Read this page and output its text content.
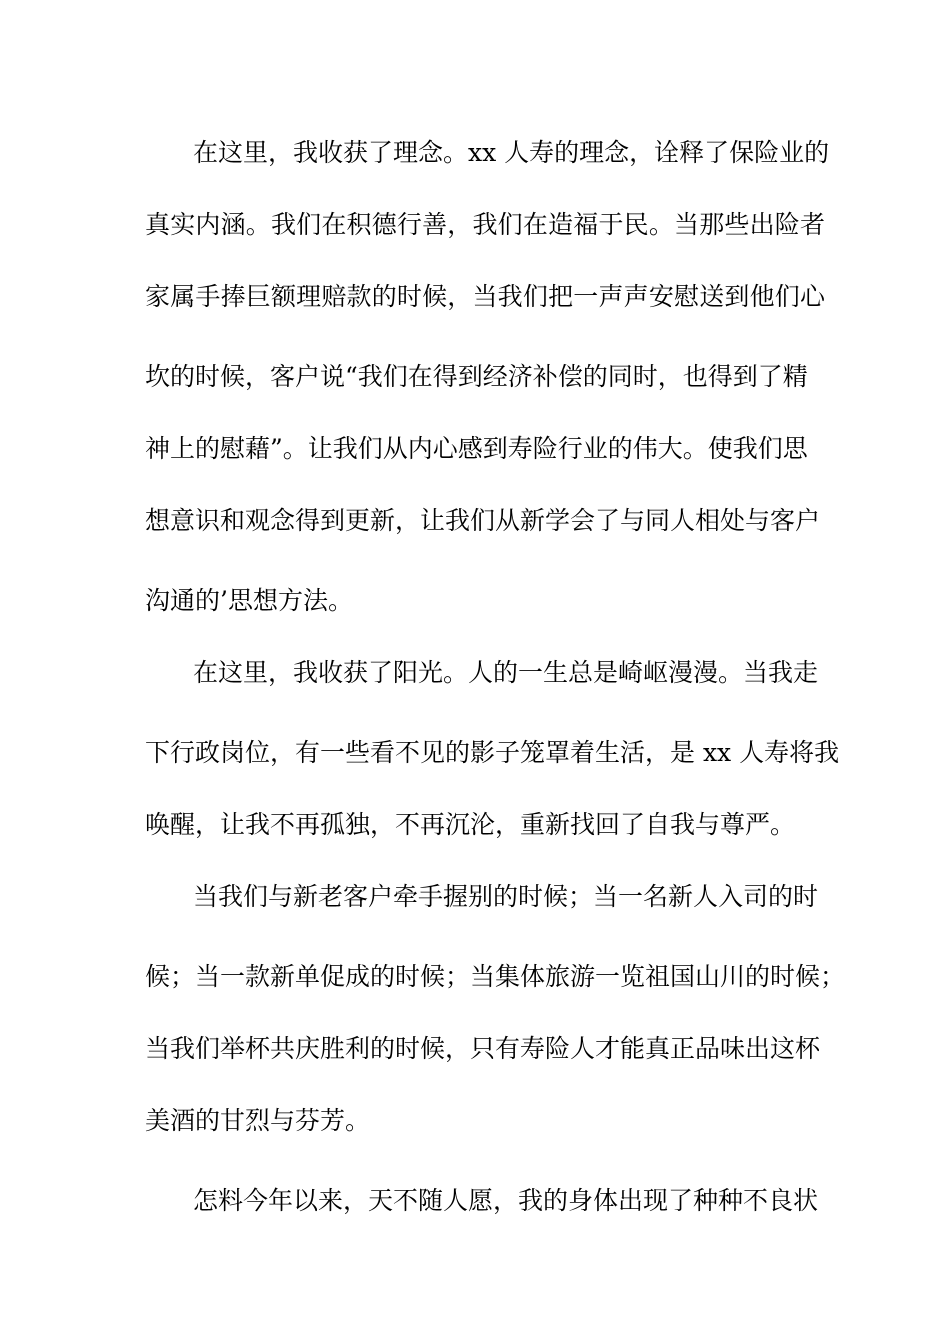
在这里，我收获了理念。xx 人寿的理念，诠释了保险业的
真实内涵。我们在积德行善，我们在造福于民。当那些出险者
家属手捧巨额理赔款的时候，当我们把一声声安慰送到他们心
坎的时候，客户说“我们在得到经济补偿的同时，也得到了精
神上的慰藉”。让我们从内心感到寿险行业的伟大。使我们思
想意识和观念得到更新，让我们从新学会了与同人相处与客户
沟通的’思想方法。
在这里，我收获了阳光。人的一生总是崎岖漫漫。当我走
下行政岗位，有一些看不见的影子笼罩着生活，是 xx 人寿将我
唤醒，让我不再孤独，不再沉沦，重新找回了自我与尊严。
当我们与新老客户牵手握别的时候；当一名新人入司的时
候；当一款新单促成的时候；当集体旅游一览祖国山川的时候；
当我们举杯共庆胜利的时候，只有寿险人才能真正品味出这杯
美酒的甘烈与芬芳。
怎料今年以来，天不随人愿，我的身体出现了种种不良状
